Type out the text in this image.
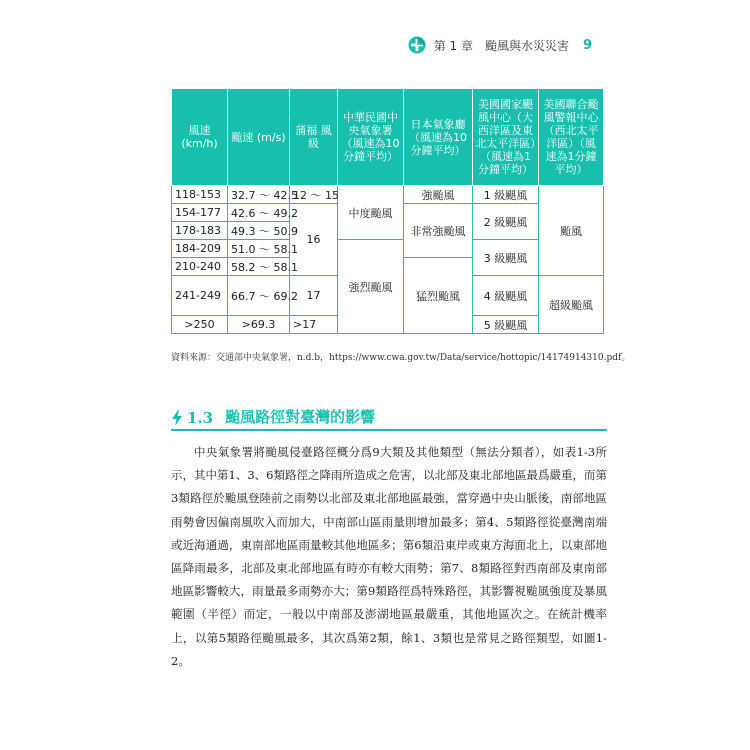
第 1 章　颱風與水災災害 9
風速 (km/h)	颱速 (m/s)	蒲福 風級	中華民國中央氣象署（風速為10分鐘平均）	日本氣象廳（風速為10分鐘平均）	美國國家颶風中心（大西洋區及東北太平洋區）（風速為1分鐘平均）	美國聯合颱風警報中心（西北太平洋區）（風速為1分鐘平均）
118-153	32.7 ～ 42.5	12 ～ 15	中度颱風	強颱風	1 級颶風	颱風
154-177	42.6 ～ 49.2	16		非常強颱風	2 級颶風	
178-183	49.3 ～ 50.9					
184-209	51.0 ～ 58.1		強烈颱風		3 級颶風	
210-240	58.2 ～ 58.1			猛烈颱風		
241-249	66.7 ～ 69.2	17			4 級颶風	超級颱風
>250	>69.3	>17			5 級颶風	
資料來源：交通部中央氣象署，n.d.b，https://www.cwa.gov.tw/Data/service/hottopic/14174914310.pdf。
1.3 颱風路徑對臺灣的影響

中央氣象署將颱風侵臺路徑概分爲9大類及其他類型（無法分類者），如表1-3所示，其中第1、3、6類路徑之降雨所造成之危害，以北部及東北部地區最爲嚴重，而第3類路徑於颱風登陸前之雨勢以北部及東北部地區最強，當穿過中央山脈後，南部地區雨勢會因偏南風吹入而加大，中南部山區雨量則增加最多；第4、5類路徑從臺灣南端或近海通過，東南部地區雨量較其他地區多；第6類沿東岸或東方海面北上，以東部地區降雨最多，北部及東北部地區有時亦有較大雨勢；第7、8類路徑對西南部及東南部地區影響較大，雨量最多雨勢亦大；第9類路徑爲特殊路徑，其影響視颱風強度及暴風範圍（半徑）而定，一般以中南部及澎湖地區最嚴重，其他地區次之。在統計機率上，以第5類路徑颱風最多，其次爲第2類，餘1、3類也是常見之路徑類型，如圖1-2。
